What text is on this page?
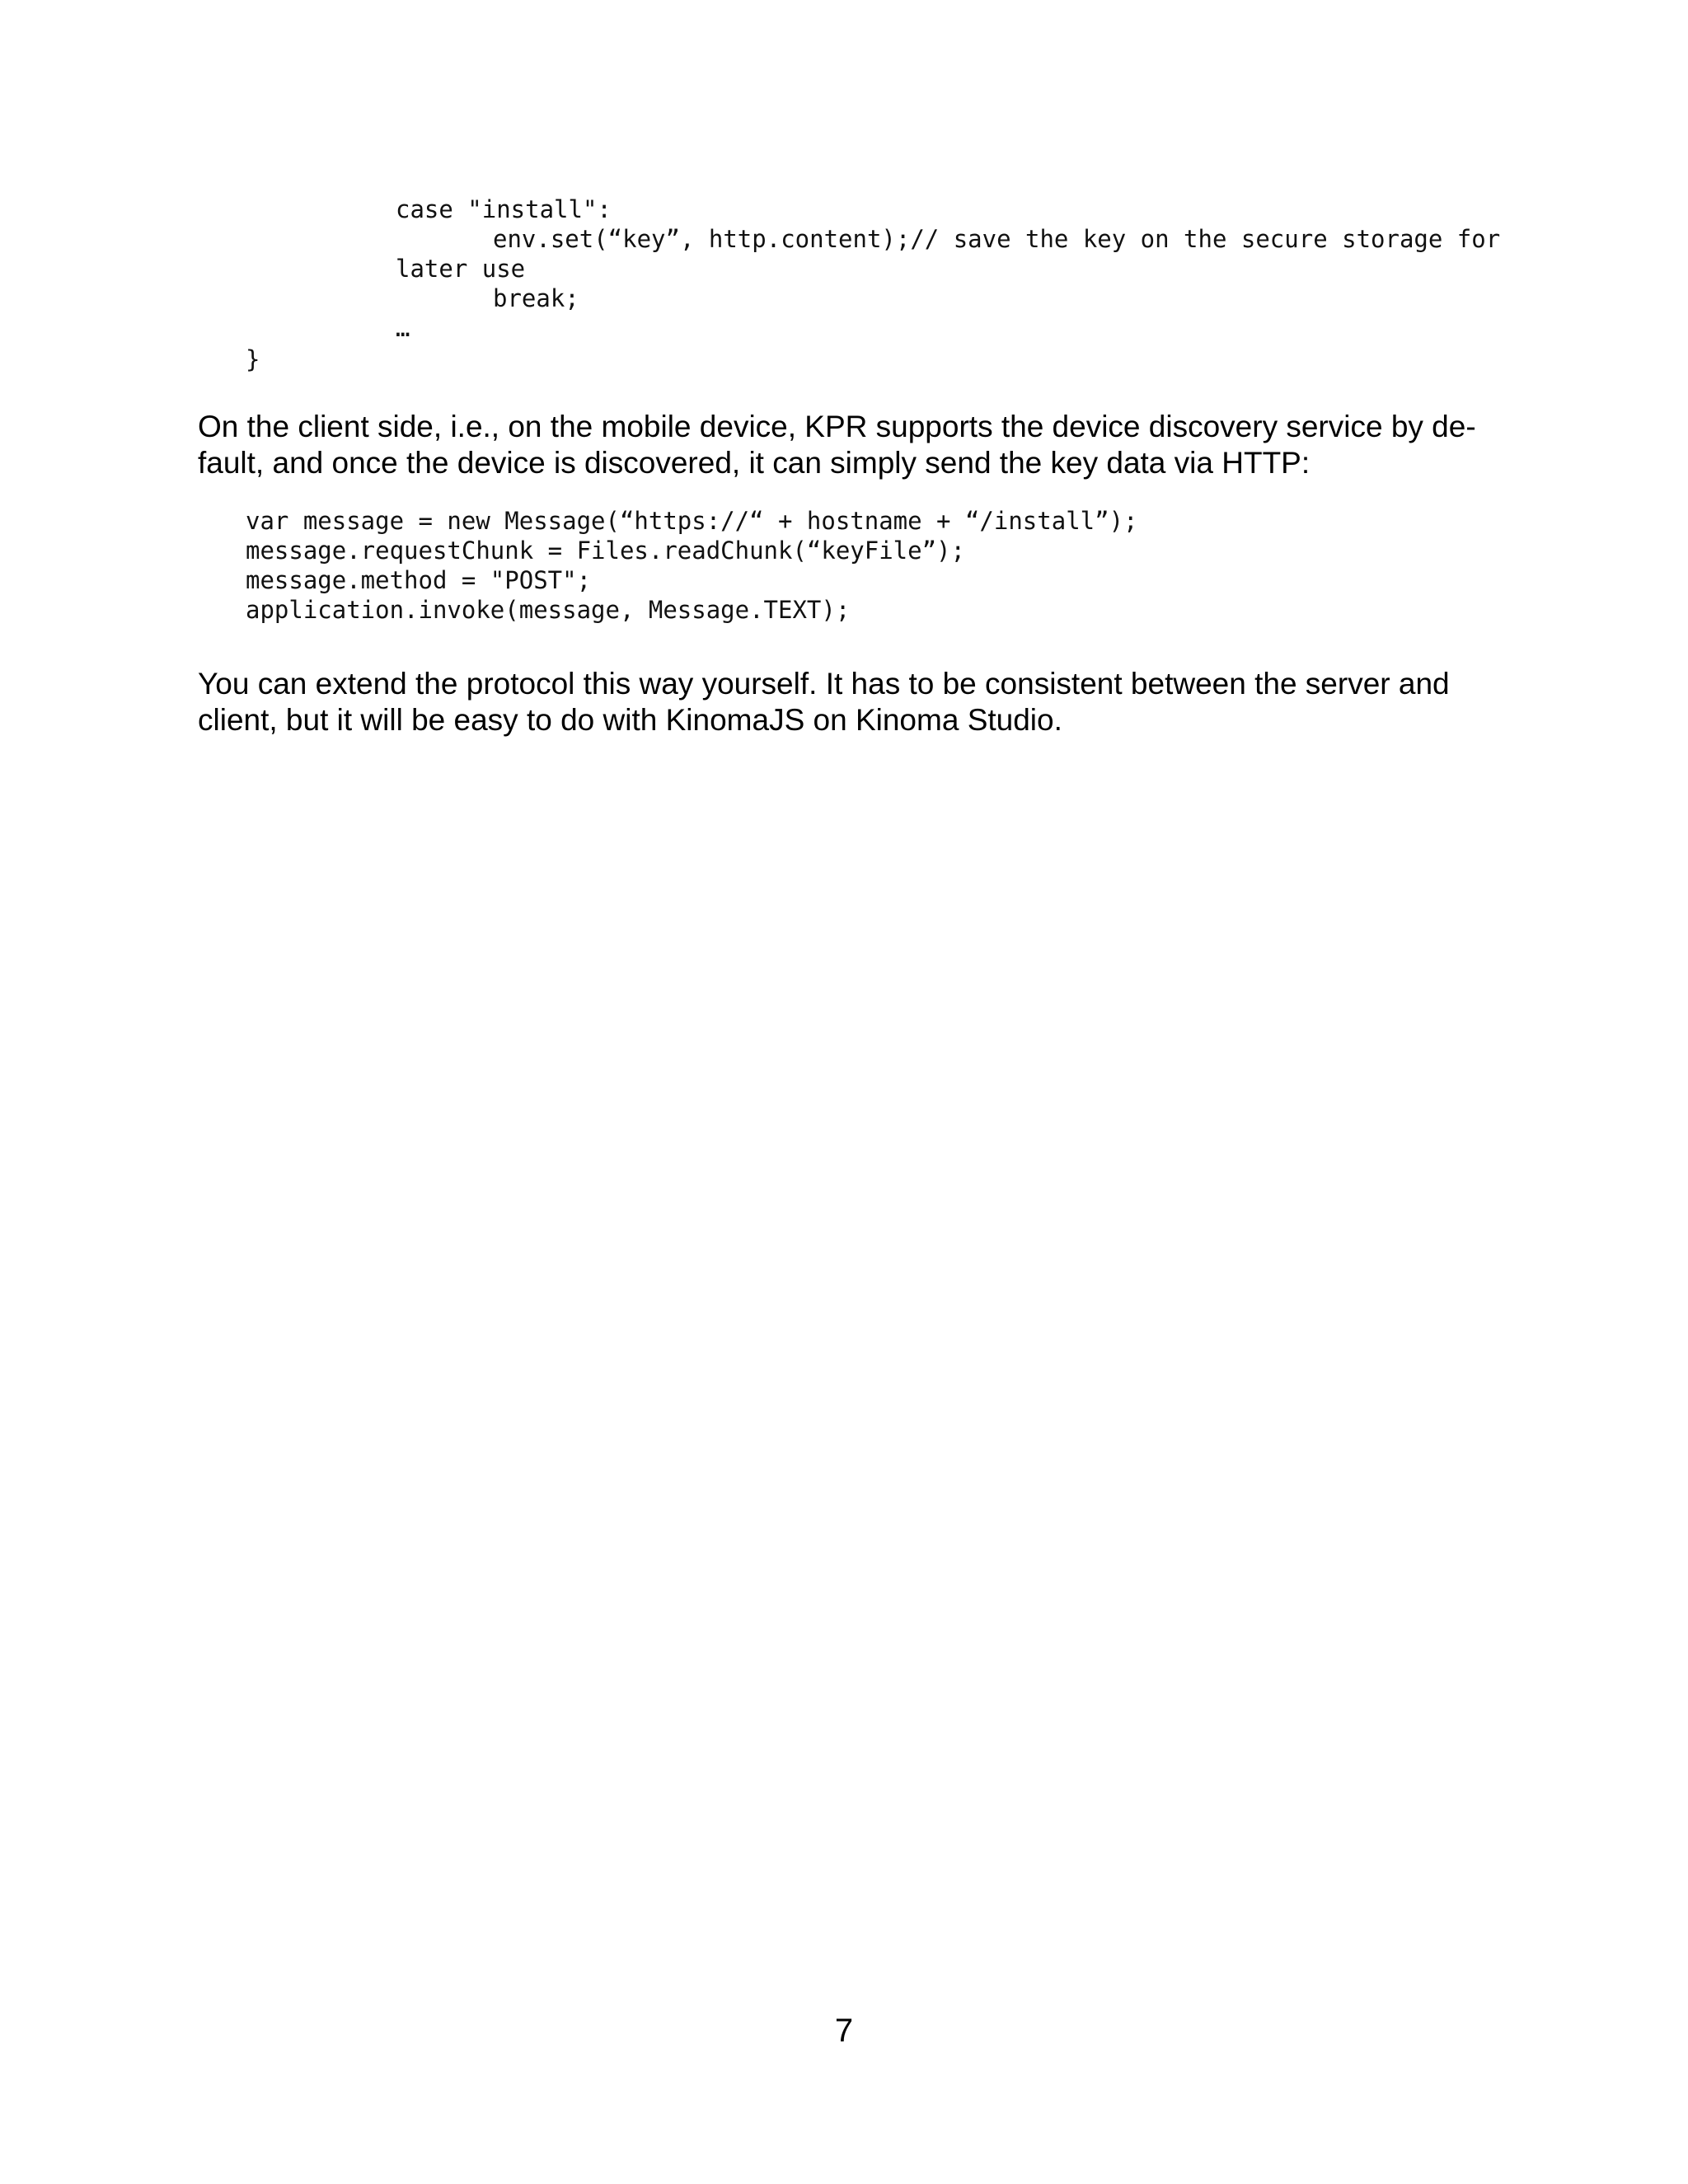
case "install":
env.set(“key”, http.content);// save the key on the secure storage for
later use
break;
…
}
On the client side, i.e., on the mobile device, KPR supports the device discovery service by de-
fault, and once the device is discovered, it can simply send the key data via HTTP:
var message = new Message(“https://“ + hostname + “/install”);
message.requestChunk = Files.readChunk(“keyFile”);
message.method = "POST";
application.invoke(message, Message.TEXT);
You can extend the protocol this way yourself. It has to be consistent between the server and
client, but it will be easy to do with KinomaJS on Kinoma Studio.
7
